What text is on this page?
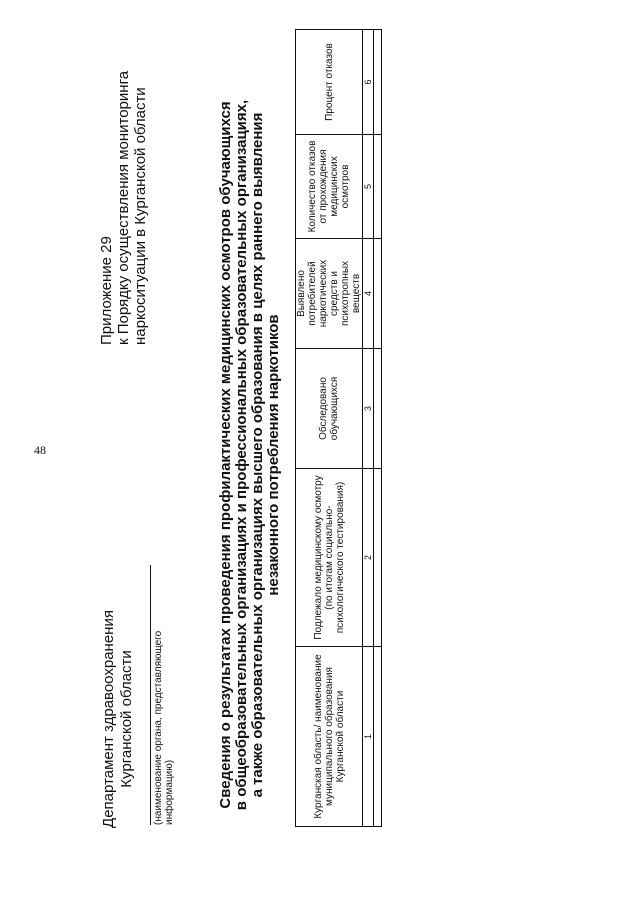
48
Приложение 29 к Порядку осуществления мониторинга наркоситуации в Курганской области
Департамент здравоохранения Курганской области	(наименование органа, представляющего информацию)	Сведения о результатах проведения профилактических медицинских осмотров обучающихся в общеобразовательных организациях и профессиональных образовательных организациях, а также образовательных организациях высшего образования в целях раннего выявления незаконного потребления наркотиков
Курганская область/ наименование муниципального образования Курганской области	Подлежало медицинскому осмотру (по итогам социально-психологического тестирования)	Обследовано обучающихся	Выявлено потребителей наркотических средств и психотропных веществ	Количество отказов от прохождения медицинских осмотров	Процент отказов
1	2	3	4	5	6
